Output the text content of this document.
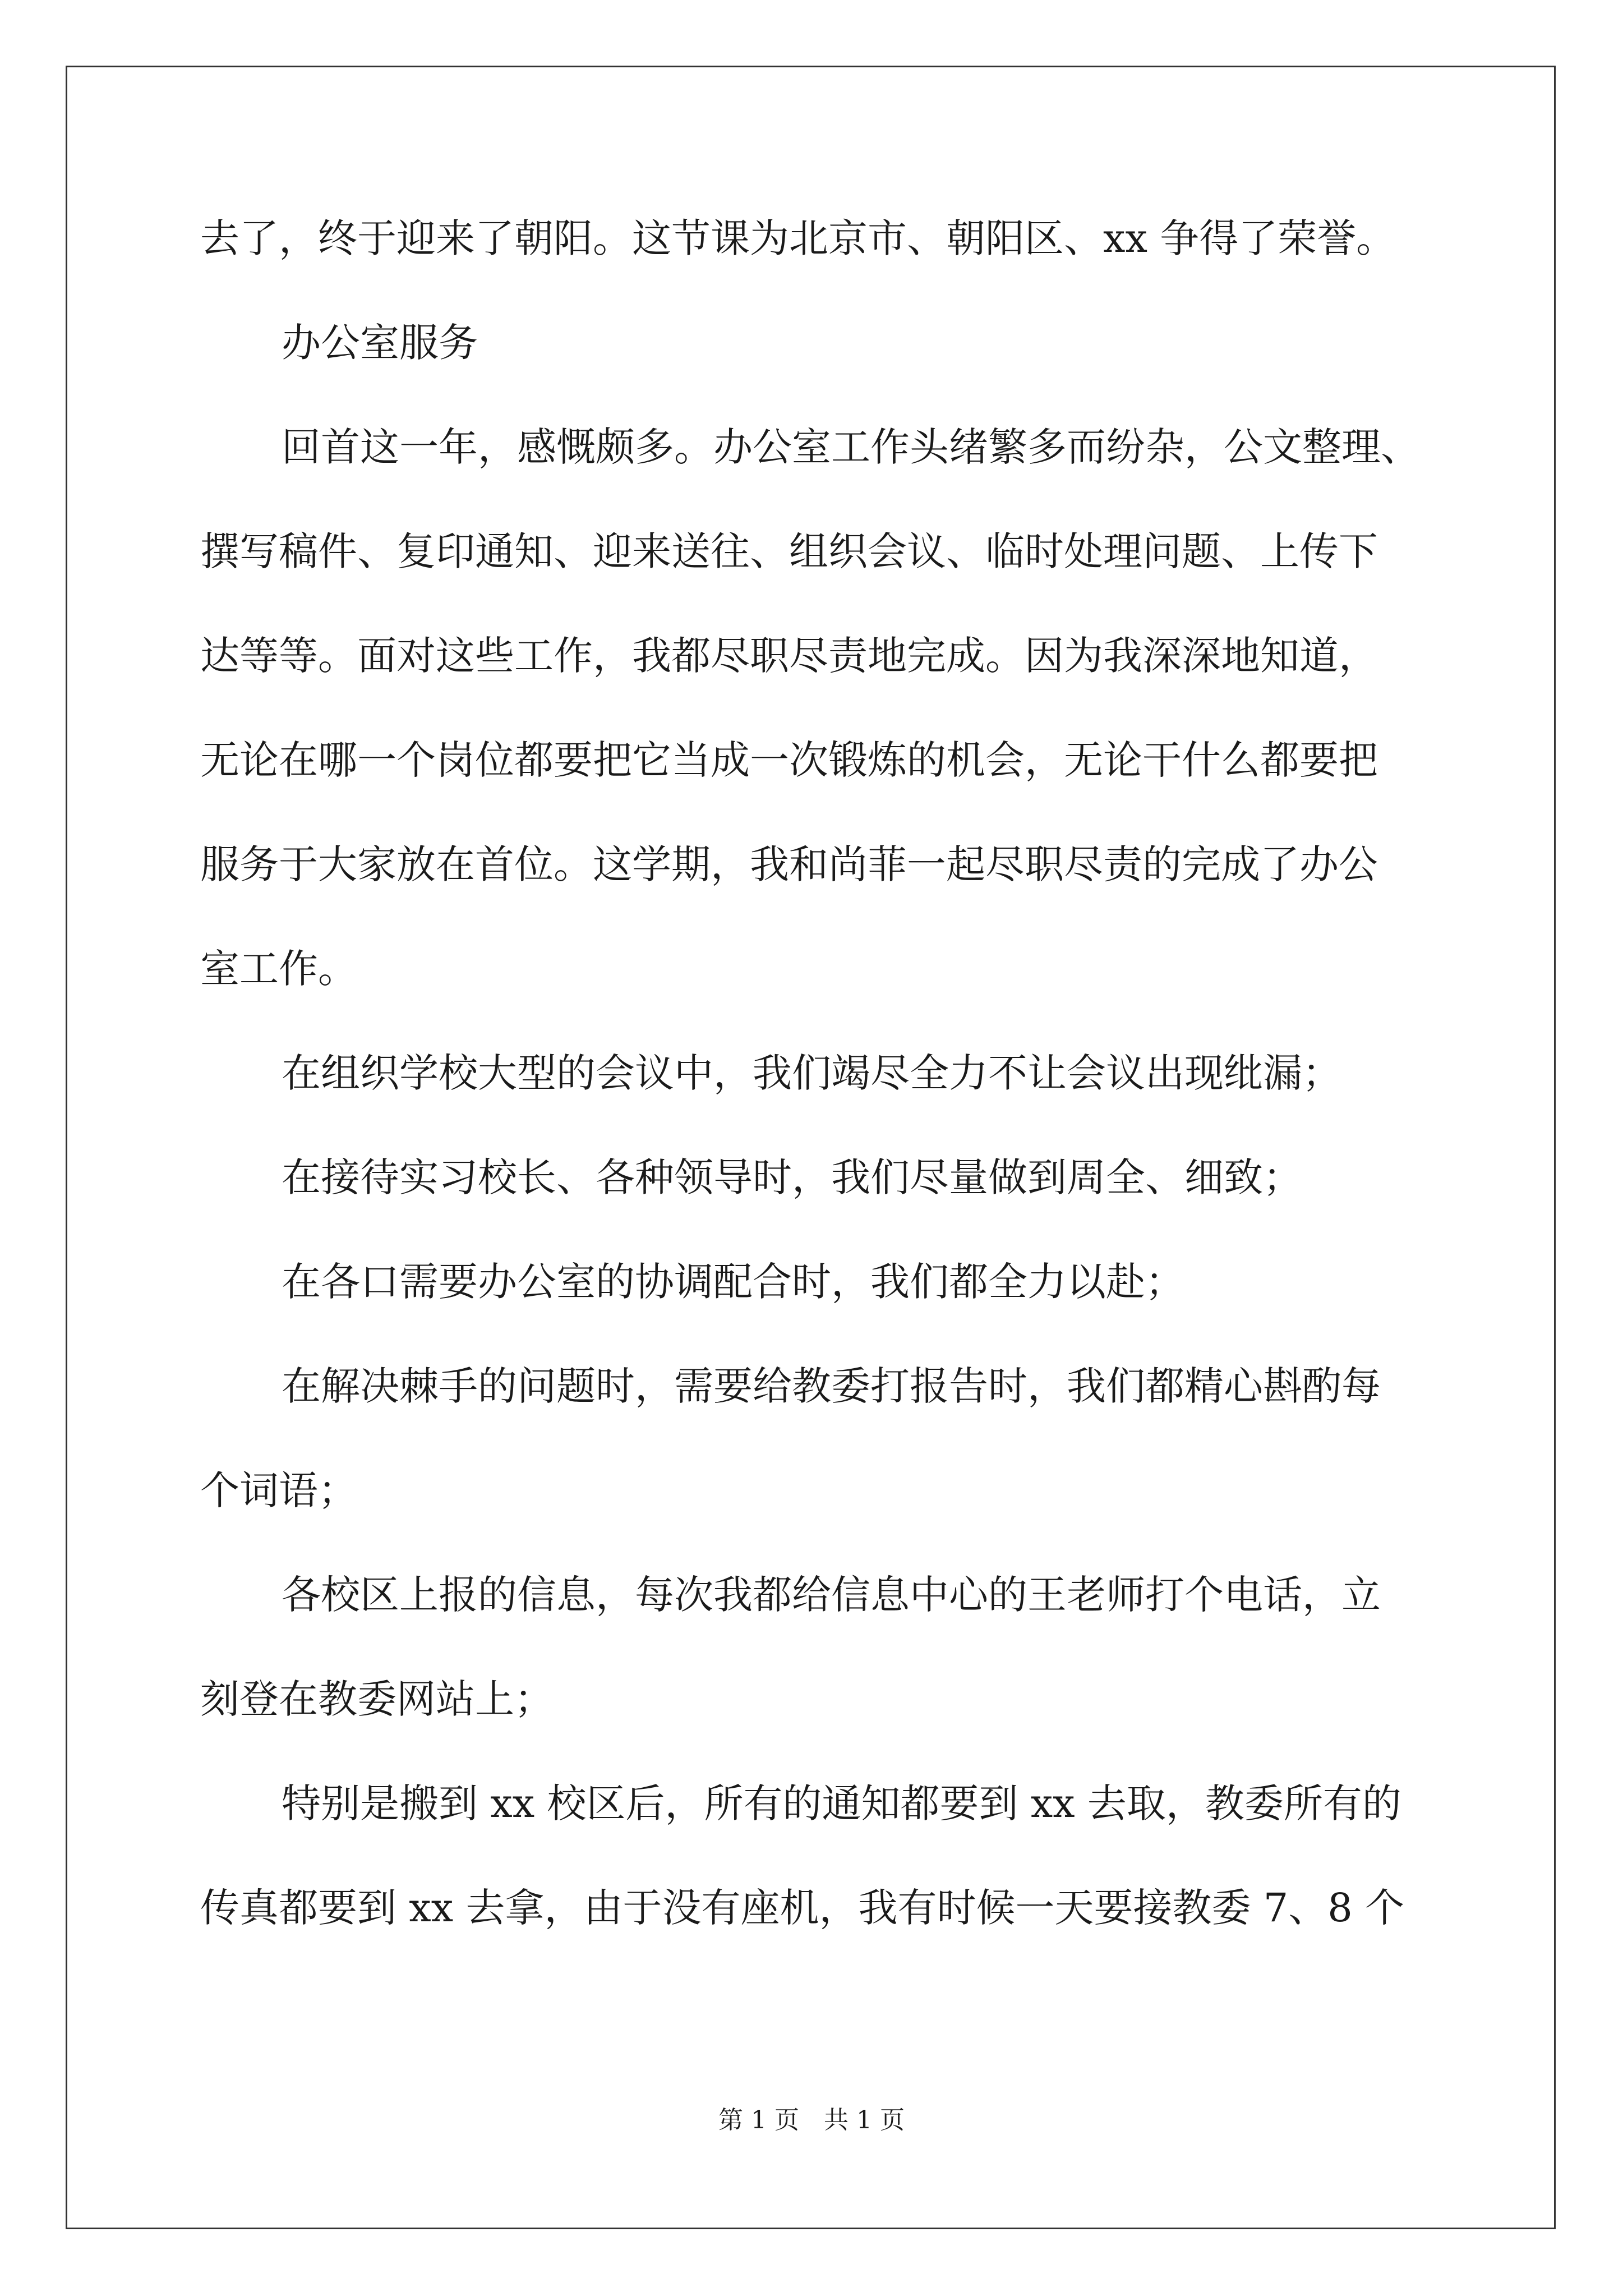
去了，终于迎来了朝阳。这节课为北京市、朝阳区、xx 争得了荣誉。
办公室服务
回首这一年，感慨颇多。办公室工作头绪繁多而纷杂，公文整理、
撰写稿件、复印通知、迎来送往、组织会议、临时处理问题、上传下
达等等。面对这些工作，我都尽职尽责地完成。因为我深深地知道，
无论在哪一个岗位都要把它当成一次锻炼的机会，无论干什么都要把
服务于大家放在首位。这学期，我和尚菲一起尽职尽责的完成了办公
室工作。
在组织学校大型的会议中，我们竭尽全力不让会议出现纰漏；
在接待实习校长、各种领导时，我们尽量做到周全、细致；
在各口需要办公室的协调配合时，我们都全力以赴；
在解决棘手的问题时，需要给教委打报告时，我们都精心斟酌每
个词语；
各校区上报的信息，每次我都给信息中心的王老师打个电话，立
刻登在教委网站上；
特别是搬到 xx 校区后，所有的通知都要到 xx 去取，教委所有的
传真都要到 xx 去拿，由于没有座机，我有时候一天要接教委 7、8 个
第 1 页　共 1 页
